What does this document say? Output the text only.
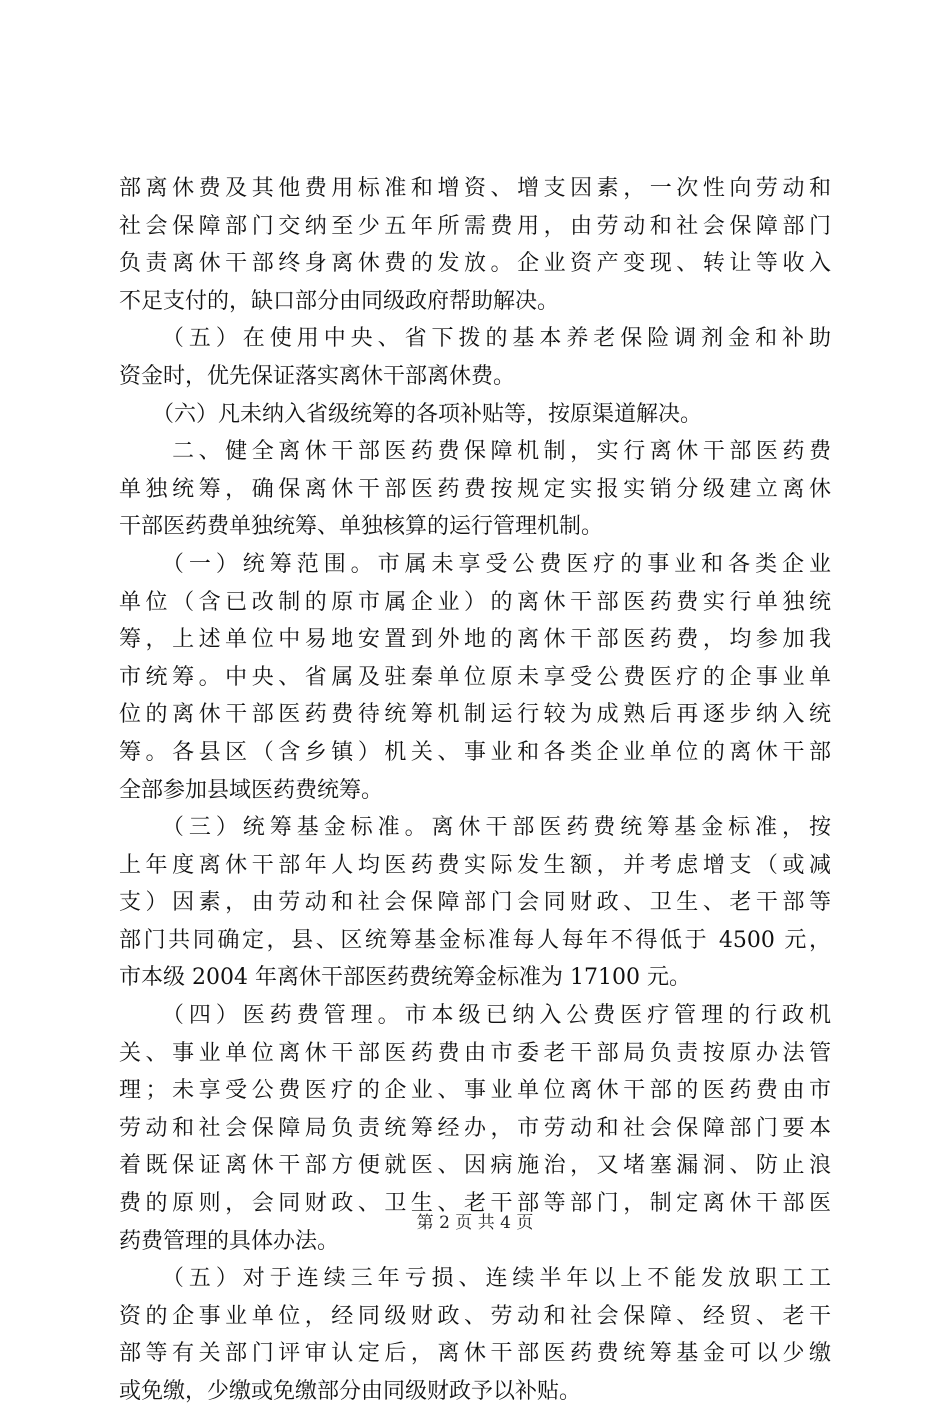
部离休费及其他费用标准和增资、增支因素，一次性向劳动和
社会保障部门交纳至少五年所需费用，由劳动和社会保障部门
负责离休干部终身离休费的发放。企业资产变现、转让等收入
不足支付的，缺口部分由同级政府帮助解决。
　　（五）在使用中央、省下拨的基本养老保险调剂金和补助
资金时，优先保证落实离休干部离休费。
　　（六）凡未纳入省级统筹的各项补贴等，按原渠道解决。
　　二、健全离休干部医药费保障机制，实行离休干部医药费
单独统筹，确保离休干部医药费按规定实报实销分级建立离休
干部医药费单独统筹、单独核算的运行管理机制。
　　（一）统筹范围。市属未享受公费医疗的事业和各类企业
单位（含已改制的原市属企业）的离休干部医药费实行单独统
筹，上述单位中易地安置到外地的离休干部医药费，均参加我
市统筹。中央、省属及驻秦单位原未享受公费医疗的企事业单
位的离休干部医药费待统筹机制运行较为成熟后再逐步纳入统
筹。各县区（含乡镇）机关、事业和各类企业单位的离休干部
全部参加县域医药费统筹。
　　（三）统筹基金标准。离休干部医药费统筹基金标准，按
上年度离休干部年人均医药费实际发生额，并考虑增支（或减
支）因素，由劳动和社会保障部门会同财政、卫生、老干部等
部门共同确定，县、区统筹基金标准每人每年不得低于 4500 元，
市本级 2004 年离休干部医药费统筹金标准为 17100 元。
　　（四）医药费管理。市本级已纳入公费医疗管理的行政机
关、事业单位离休干部医药费由市委老干部局负责按原办法管
理；未享受公费医疗的企业、事业单位离休干部的医药费由市
劳动和社会保障局负责统筹经办，市劳动和社会保障部门要本
着既保证离休干部方便就医、因病施治，又堵塞漏洞、防止浪
费的原则，会同财政、卫生、老干部等部门，制定离休干部医
药费管理的具体办法。
　　（五）对于连续三年亏损、连续半年以上不能发放职工工
资的企事业单位，经同级财政、劳动和社会保障、经贸、老干
部等有关部门评审认定后，离休干部医药费统筹基金可以少缴
或免缴，少缴或免缴部分由同级财政予以补贴。
第 2 页 共 4 页
